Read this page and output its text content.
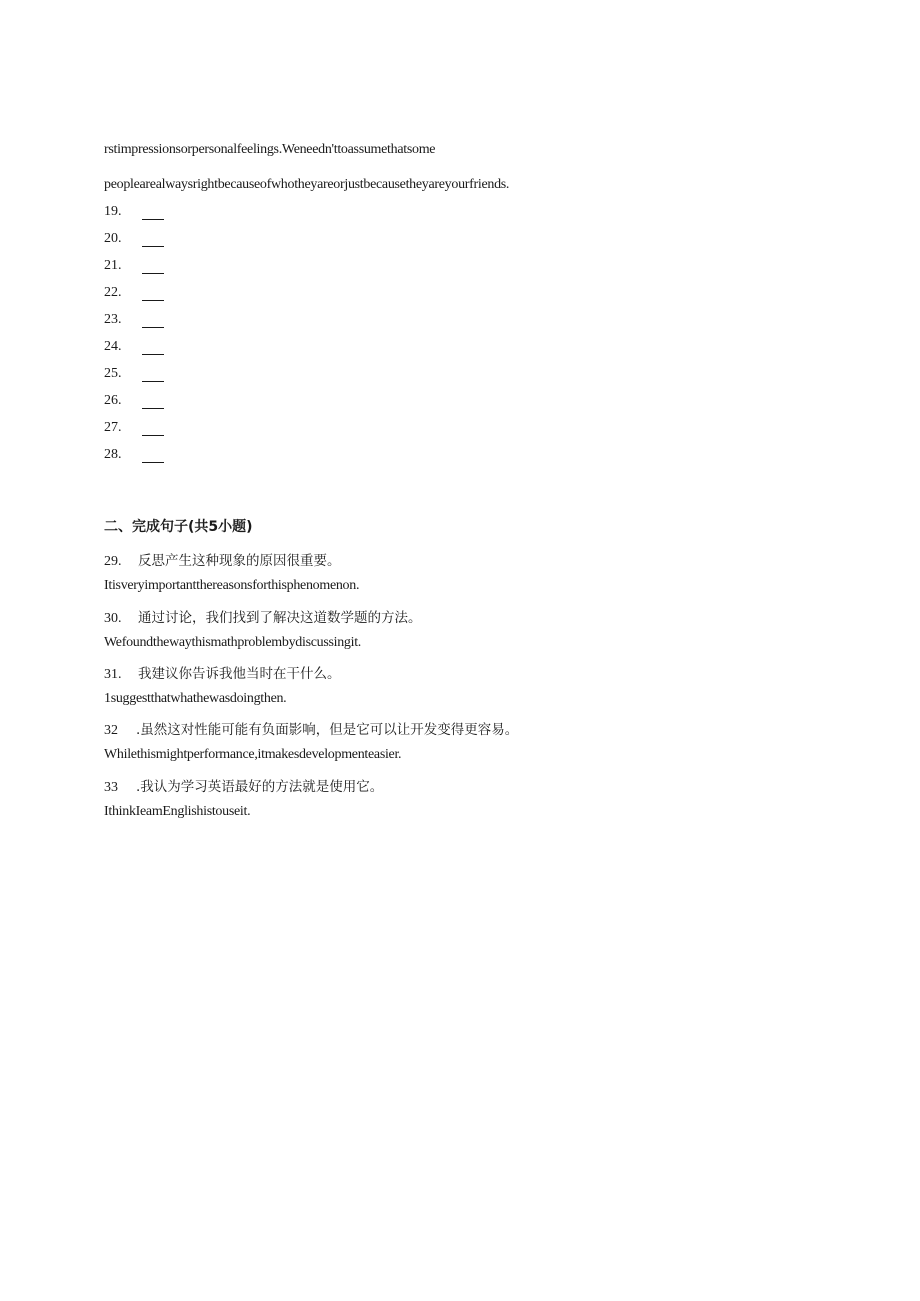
rstimpressionsorpersonalfeelings.Weneedn'ttoassumethatsome
peoplearealwaysrightbecauseofwhotheyareorjustbecausetheyareyourfriends.
19.
20.
21.
22.
23.
24.
25.
26.
27.
28.
二、完成句子(共5小题)
29. 反思产生这种现象的原因很重要。
Itisveryimportantthereasonsforthisphenomenon.
30. 通过讨论，我们找到了解决这道数学题的方法。
Wefoundthewaythismathproblembydiscussingit.
31. 我建议你告诉我他当时在干什么。
1suggestthatwhathewasdoingthen.
32 .虽然这对性能可能有负面影响，但是它可以让开发变得更容易。
Whilethismightperformance,itmakesdevelopmenteasier.
33 .我认为学习英语最好的方法就是使用它。
IthinkIeamEnglishistouseit.
